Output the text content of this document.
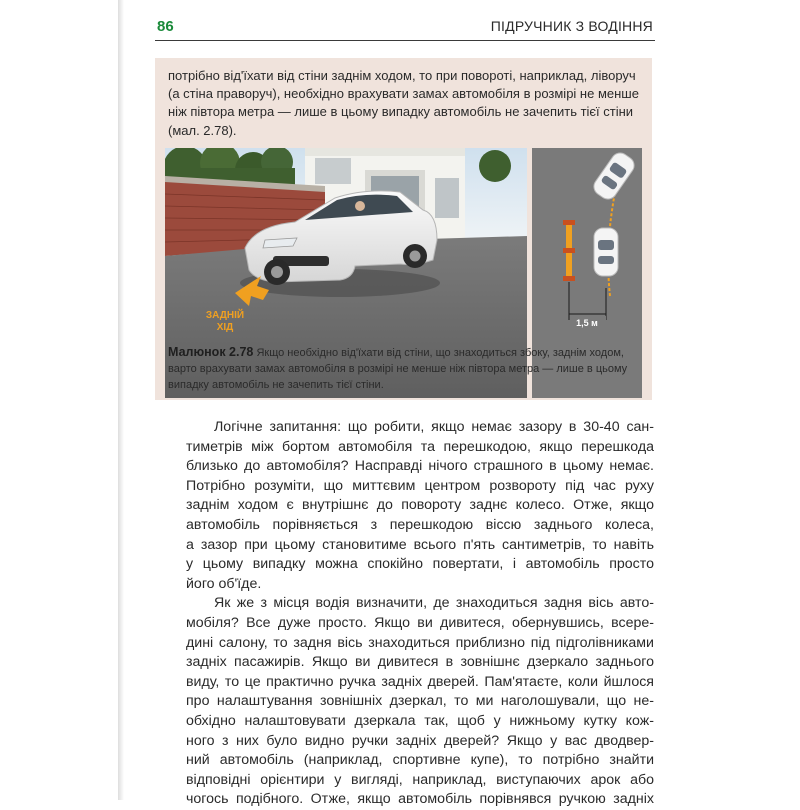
86	ПІДРУЧНИК З ВОДІННЯ
потрібно від'їхати від стіни заднім ходом, то при повороті, наприклад, ліворуч
(а стіна праворуч), необхідно врахувати замах автомобіля в розмірі не менше
ніж півтора метра — лише в цьому випадку автомобіль не зачепить тієї стіни
(мал. 2.78).
ЗАДНІЙ
ХІД	1,5 м
Малюнок 2.78 Якщо необхідно від'їхати від стіни, що знаходиться збоку, заднім ходом,
варто врахувати замах автомобіля в розмірі не менше ніж півтора метра — лише в цьому
випадку автомобіль не зачепить тієї стіни.
Логічне запитання: що робити, якщо немає зазору в 30-40 сан-
тиметрів між бортом автомобіля та перешкодою, якщо перешкода
близько до автомобіля? Насправді нічого страшного в цьому немає.
Потрібно розуміти, що миттєвим центром розвороту під час руху
заднім ходом є внутрішнє до повороту заднє колесо. Отже, якщо
автомобіль порівняється з перешкодою віссю заднього колеса,
а зазор при цьому становитиме всього п'ять сантиметрів, то навіть
у цьому випадку можна спокійно повертати, і автомобіль просто
його об'їде.
Як же з місця водія визначити, де знаходиться задня вісь авто-
мобіля? Все дуже просто. Якщо ви дивитеся, обернувшись, всере-
дині салону, то задня вісь знаходиться приблизно під підголівниками
задніх пасажирів. Якщо ви дивитеся в зовнішнє дзеркало заднього
виду, то це практично ручка задніх дверей. Пам'ятаєте, коли йшлося
про налаштування зовнішніх дзеркал, то ми наголошували, що не-
обхідно налаштовувати дзеркала так, щоб у нижньому кутку кож-
ного з них було видно ручки задніх дверей? Якщо у вас дводвер-
ний автомобіль (наприклад, спортивне купе), то потрібно знайти
відповідні орієнтири у вигляді, наприклад, виступаючих арок або
чогось подібного. Отже, якщо автомобіль порівнявся ручкою задніх
